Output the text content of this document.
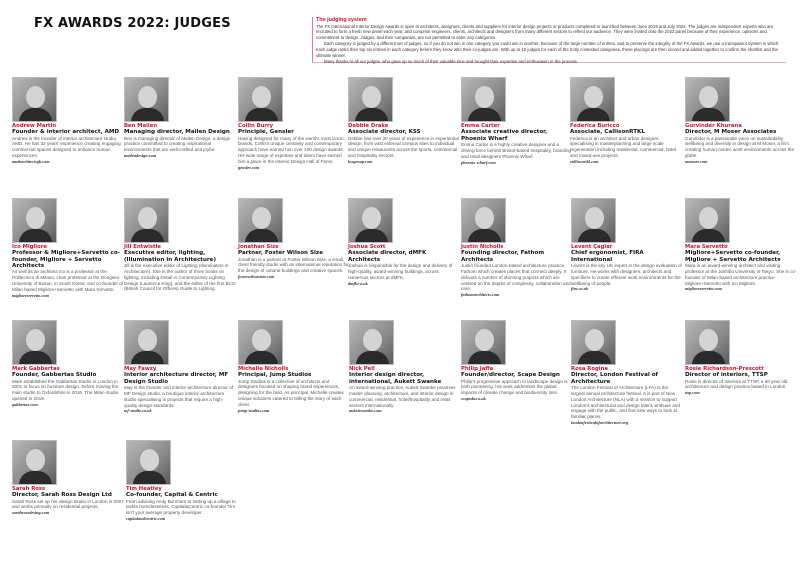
FX AWARDS 2022: JUDGES	The judging system

The FX International Interior Design Awards is open to architects, designers, clients and suppliers for interior design projects or products completed or launched between June 2019 and July 2022. The judges are independent experts who are recruited to form a fresh new panel each year, and comprise engineers, clients, architects and designers from many different sectors to reflect our audience. They were invited onto the 2022 panel because of their experience, opinions and commitment to design. Judges, and their companies, are not permitted to enter any categories.

Each category is judged by a different set of judges, so if you do not win in one category you could win in another. Because of the large number of entries, and to preserve the integrity of the FX Awards, we use a transparent system in which each judge ranks their top six entries in each category before they know who their co-judges are. With up to 10 judges for each of the hotly contested categories, these placings are then scored and added together to confirm the shortlist and the ultimate winner.

Many thanks to all our judges, who gave up so much of their valuable time and brought their expertise and enthusiasm to the process.

Andrew Martin
Founder & interior architect, AMD
Andrew is the founder of interior architecture studio, AMD. He has 32 years' experience creating engaging commercial spaces designed to enhance human experiences.
amdarchitectsgb.com
Ben Mailen
Managing director, Mailen Design
Ben is managing director of Mailen Design, a design practice committed to creating inspirational environments that are well-crafted and joyful.
mailendesign.com
Collin Burry
Principle, Gensler
Having designed for many of the world's most iconic brands, Collin's unique creativity and contemporary approach have earned him over 100 design awards. His wide range of expertise and talent have earned him a place in the Interior Design Hall of Fame.
gensler.com
Debbie Drake
Associate director, KSS
Debbie has over 20 years of experience in experiential design, from vast external campus sites to individual and unique restaurants across the sports, commercial and hospitality sectors.
kssgroup.com
Emma Carter
Associate creative director, Phoenix Wharf
Emma Carter is a highly creative designer and a driving force behind Bristol-based hospitality, branding and retail designers Phoenix Wharf.
phoenix-wharf.com
Federica Buricco
Associate, CallisonRTKL
Federica is an architect and urban designer, specialising in masterplanning and large scale regeneration including residential, commercial, hotel and mixed-use projects.
callisonrtkl.com
Gurvinder Khurana
Director, M Moser Associates
Gurvinder is a passionate voice on sustainability, wellbeing and diversity in design at M Moser, a firm creating human-centric work environments across the globe.
mmoser.com
Ico Migliore
Professor & Migliore+Servetto co-founder, Migliore + Servetto Architects
As well as an architect Ico is a professor at the Politecnico di Milano, chair professor at the Dongseo University of Busan, in South Korea, and co-founder of Milan based Migliore+Servetto with Mara Servetto.
miglioreservetto.com
Jill Entwistle
Executive editor, lighting, (Illumination in Architecture)
Jill is the executive editor of Lighting (Illumination in Architecture). She is the author of three books on lighting, including Detail in Contemporary Lighting Design (Laurence King), and the editor of the first BCO (British Council for Offices) Guide to Lighting.
Jonathan Size
Partner, Foster Wilson Size
Jonathan is a partner at Foster Wilson Size, a small, client friendly studio with an international reputation for the design of cultural buildings and creative spaces.
fosterwilsonsize.com
Joshua Scott
Associate director, dMFK Architects
Joshua is responsible for the design and delivery of high-quality, award-winning buildings, across numerous sectors at dMFK.
dmfk.co.uk
Justin Nicholls
Founding director, Fathom Architects
Justin founded London-based architecture practice Fathom which creates places that connect deeply. It delivers a number of stunning projects which are centred on the depths of complexity, collaboration and care.
fathomarchitects.com
Levent Çaglar
Chief ergonomist, FIRA International
Levent is the key UK expert in the design evaluation of furniture. He works with designers, architects and specifiers to create efficient work environments for the wellbeing of people.
fira.co.uk
Mara Servetto
Migliore+Servetto co-founder, Migliore + Servetto Architects
Mara is an award-winning architect and visiting professor at the Joshibu University in Tokyo. She is co-founder of Milan-based architecture practice Migliore+Servetto with Ico Migliore.
miglioreservetto.com
Mark Gabbertas
Founder, Gabbertas Studio
Mark established the Gabbertas Studio in London in 2001 to focus on furniture design, before moving the main studio to Oxfordshire in 2016. The Milan studio opened in 2019.
gabbertas.com
May Fawzy
Interior architecture director, MF Design Studio
May is the founder and interior architecture director of MF Design studio, a boutique interior architecture studio specialising in projects that require a high-quality design standards.
mf-studio.co.uk
Michelle Nicholls
Principal, Jump Studios
Jump Studios is a collective of architects and designers focused on shaping brand experiences, designing for the bold. As principal, Michelle creates unique solutions catered to telling the story of each client.
jump-studios.com
Nick Pell
Interior design director, international, Aukett Swanke
An award-winning practice, Aukett Swanke practises master planning, architecture, and interior design in commercial, residential, hotel/hospitality and retail sectors internationally.
aukettswanke.com
Philip Jaffa
Founder/director, Scape Design
Philip's progressive approach to landscape design is both pioneering. His work addresses the global impacts of climate change and biodiversity loss.
scapeda.co.uk
Rosa Rogina
Director, London Festival of Architecture
The London Festival of Architecture (LFA) is the largest annual architecture festival. It is part of New London Architecture (NLA) with a mission to support London's architectural and design talent, enthuse and engage with the public, and find new ways to look at familiar places.
londonfestivalofarchitecture.org
Rosie Richardson-Prescott
Director of interiors, TTSP
Rosie is director of Interiors at TTSP, a 60 year old architecture and design practice based in London.
ttsp.com
Sarah Ross
Director, Sarah Ross Design Ltd
Sarah Ross set up her design studio in London in 2007 and works primarily on residential projects.
sarahrossdesing.com
Tim Heatley
Co-founder, Capital & Centric
From advising Andy Burnham to setting up a village to tackle homelessness, Capital&Centric co-founder Tim isn't your average property developer.
capitalandcentric.com
